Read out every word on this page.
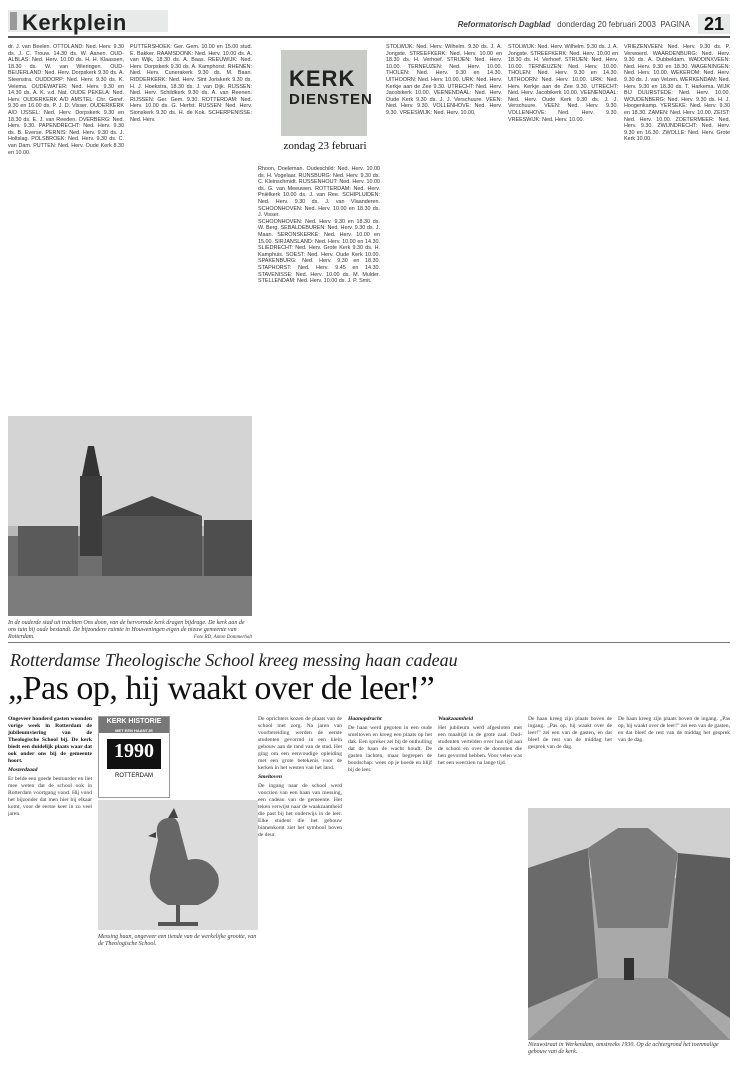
Kerkplein	Reformatorisch Dagblad donderdag 20 februari 2003 PAGINA 21

dr. J. van Beelen. OTTOLAND: Ned. Herv. 9.30 ds. J. C. Trouw. 14.30 ds. W. Aanen. OUD-ALBLAS: Ned. Herv. 10.00 ds. H. H. Klaassen, 18.30 ds. W. van Wieringen. OUD-BEIJERLAND: Ned. Herv. Dorpskerk 9.30 ds. A. Steenstra. OUDDORP: Ned. Herv. 9.30 ds. K. Velema. OUDEWATER: Ned. Herv. 9.30 en 14.30 ds. A. K. v.d. Nat. OUDE PEKELA: Ned. Herv. OUDERKERK A/D AMSTEL: Chr. Geref. 9.30 en 16.00 ds. P. J. D. Visser. OUDERKERK A/D IJSSEL: Ned. Herv. Dorpskerk 9.30 en 18.30 ds. E. J. van Reeden. OVERBERG: Ned. Herv. 9.30. PAPENDRECHT: Ned. Herv. 9.30 ds. B. Everse. PERNIS: Ned. Herv. 9.30 ds. J. Holtslag. POLSBROEK: Ned. Herv. 9.30 ds. C. van Dam. PUTTEN: Ned. Herv. Oude Kerk 8.30 en 10.00.

PUTTERSHOEK: Ger. Gem. 10.00 en 15.00 stud. E. Bakker. RAAMSDONK: Ned. Herv. 10.00 ds. A. van Wijk, 18.30 ds. A. Baas. REEUWIJK: Ned. Herv. Dorpskerk 9.30 ds. A. Kamphorst. RHENEN: Ned. Herv. Cunerakerk 9.30 ds. M. Baan. RIDDERKERK: Ned. Herv. Sint Joriskerk 9.30 ds. H. J. Hoekstra, 18.30 ds. J. van Dijk. RIJSSEN: Ned. Herv. Schildkerk 9.30 ds. A. van Reenen. RIJSSEN: Ger. Gem. 9.30. ROTTERDAM: Ned. Herv. 10.00 ds. G. Herfst. RUSSEN: Ned. Herv. Sionskerk 9.30 ds. H. de Kok. SCHERPENISSE: Ned. Herv.

KERK
DIENSTEN
zondag 23 februari

Rhoon, Doeleman. Oudeschild: Ned. Herv. 10.00 ds. H. Vogelaar. RIJNSBURG: Ned. Herv. 9.30 ds. C. Kleinschmidt. RIJSSENHOUT: Ned. Herv. 10.00 ds. G. van Meeuwen. ROTTERDAM: Ned. Herv. Pniëlkerk 10.00 ds. J. van Ree. SCHIPLUIDEN: Ned. Herv. 9.30 ds. J. van Vlaanderen. SCHOONHOVEN: Ned. Herv. 10.00 en 18.30 ds. J. Visser.

SCHOONHOVEN: Ned. Herv. 9.30 en 18.30 ds. W. Berg. SEBALDEBUREN: Ned. Herv. 9.30 ds. J. Maan. SERONSKERKE: Ned. Herv. 10.00 en 15.00. SIRJANSLAND: Ned. Herv. 10.00 en 14.30. SLIEDRECHT: Ned. Herv. Grote Kerk 9.30 ds. H. Kamphuis. SOEST: Ned. Herv. Oude Kerk 10.00. SPAKENBURG: Ned. Herv. 9.30 en 18.30. STAPHORST: Ned. Herv. 9.45 en 14.30. STAVENISSE: Ned. Herv. 10.00 ds. M. Mulder. STELLENDAM: Ned. Herv. 10.00 ds. J. P. Smit.

STOLWIJK: Ned. Herv. Wilhelm. 9.30 ds. J. A. Jongste. STREEFKERK: Ned. Herv. 10.00 en 18.30 ds. H. Verhoef. STRIJEN: Ned. Herv. 10.00. TERNEUZEN: Ned. Herv. 10.00. THOLEN: Ned. Herv. 9.30 en 14.30. UITHOORN: Ned. Herv. 10.00. URK: Ned. Herv. Kerkje aan de Zee 9.30. UTRECHT: Ned. Herv. Jacobikerk 10.00. VEENENDAAL: Ned. Herv. Oude Kerk 9.30 ds. J. J. Verschuure. VEEN: Ned. Herv. 9.30. VOLLENHOVE: Ned. Herv. 9.30. VREESWIJK: Ned. Herv. 10.00.

STOLWIJK: Ned. Herv. Wilhelm. 9.30 ds. J. A. Jongste. STREEFKERK: Ned. Herv. 10.00 en 18.30 ds. H. Verhoef. STRIJEN: Ned. Herv. 10.00. TERNEUZEN: Ned. Herv. 10.00. THOLEN: Ned. Herv. 9.30 en 14.30. UITHOORN: Ned. Herv. 10.00. URK: Ned. Herv. Kerkje aan de Zee 9.30. UTRECHT: Ned. Herv. Jacobikerk 10.00. VEENENDAAL: Ned. Herv. Oude Kerk 9.30 ds. J. J. Verschuure. VEEN: Ned. Herv. 9.30. VOLLENHOVE: Ned. Herv. 9.30. VREESWIJK: Ned. Herv. 10.00.

VRIEZENVEEN: Ned. Herv. 9.30 ds. P. Verwoerd. WAARDENBURG: Ned. Herv. 9.30 ds. A. Dubbeldam. WADDINXVEEN: Ned. Herv. 9.30 en 18.30. WAGENINGEN: Ned. Herv. 10.00. WEKEROM: Ned. Herv. 9.30 ds. J. van Velzen. WERKENDAM: Ned. Herv. 9.30 en 18.30 ds. T. Harkema. WIJK BIJ DUURSTEDE: Ned. Herv. 10.00. WOUDENBERG: Ned. Herv. 9.30 ds. H. J. Hoogenkamp. YERSEKE: Ned. Herv. 9.30 en 18.30. ZAMEN: Ned. Herv. 10.00. ZEIST: Ned. Herv. 10.00. ZOETERMEER: Ned. Herv. 9.30. ZWIJNDRECHT: Ned. Herv. 9.30 en 16.30. ZWOLLE: Ned. Herv. Grote Kerk 10.00.

In de ouderde stad uit trachten Ons doon, van de hervormde kerk dragen bijdrage. De kerk aan de ons tuin bij oude bestandt. De bijzondere ruimte in Houweningen eigen de nieuw gemeente van Rotterdam.	Foto RD, Anton Dommerholt
Rotterdamse Theologische School kreeg messing haan cadeau
„Pas op, hij waakt over de leer!”

Ongeveer honderd gasten woonden vorige week in Rotterdam de jubileumviering van de Theologische School bij. De kerk biedt een duidelijk plaats waar dat ook onder ons bij de gemeente hoort.

Mosterdzaad

Er belde een goede bestuurder en liet mee weten dat de school ook in Rotterdam voortgang vond. Hij vond het bijzonder dat men hier bij elkaar komt, voor de eerste keer in zo veel jaren.

KERK HISTORIE
MET EEN HAANTJE
1990
ROTTERDAM
Messing haan, ongeveer een tiende van de werkelijke grootte, van de Theologische School.

De oprichters kozen de plaats van de school met zorg. Na jaren van voorbereiding werden de eerste studenten gevormd in een klein gebouw aan de rand van de stad. Het ging om een eenvoudige opleiding met een grote betekenis voor de kerken in het westen van het land.

Smeltoven

De ingang naar de school werd voorzien van een haan van messing, een cadeau van de gemeente. Het teken verwijst naar de waakzaamheid die past bij het onderwijs in de leer. Elke student die het gebouw binnenkomt ziet het symbool boven de deur.

Haanopdracht

De haan werd gegoten in een oude smeltoven en kreeg een plaats op het dak. Een spreker zei bij de onthulling dat de haan de wacht houdt. De gasten lachten, maar begrepen de boodschap: wees op je hoede en blijf bij de leer.

Waakzaamheid

Het jubileum werd afgesloten met een maaltijd in de grote zaal. Oud-studenten vertelden over hun tijd aan de school en over de docenten die hen gevormd hebben. Voor velen was het een weerzien na lange tijd.

De haan kreeg zijn plaats boven de ingang. „Pas op, hij waakt over de leer!” zei een van de gasten, en dat bleef de rest van de middag het gesprek van de dag.

De haan kreeg zijn plaats boven de ingang. „Pas op, hij waakt over de leer!” zei een van de gasten, en dat bleef de rest van de middag het gesprek van de dag.

Nieuwstraat in Werkendam, omstreeks 1930. Op de achtergrond het toenmalige gebouw van de kerk.
